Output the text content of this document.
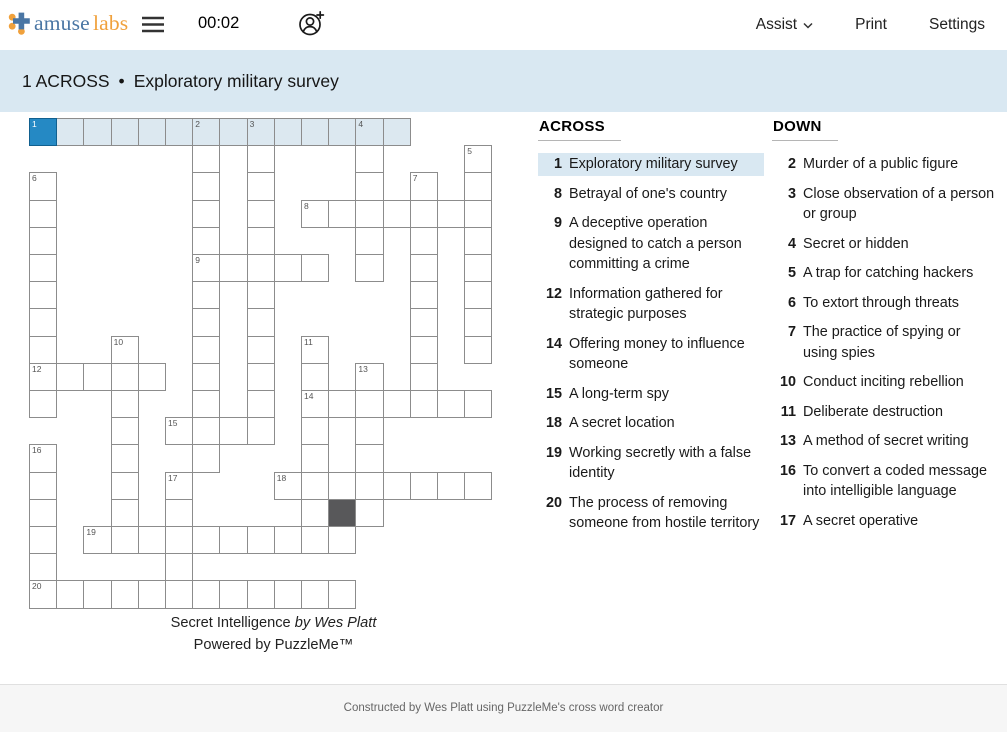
amuse labs	00:02	Assist	Print	Settings
1 ACROSS • Exploratory military survey
1	2	3	4
5
6	7
8
9
10	11
12	13
14
15
16
17	18
19
20
ACROSS
1 Exploratory military survey
8 Betrayal of one's country
9 A deceptive operation designed to catch a person committing a crime
12 Information gathered for strategic purposes
14 Offering money to influence someone
15 A long-term spy
18 A secret location
19 Working secretly with a false identity
20 The process of removing someone from hostile territory
DOWN
2 Murder of a public figure
3 Close observation of a person or group
4 Secret or hidden
5 A trap for catching hackers
6 To extort through threats
7 The practice of spying or using spies
10 Conduct inciting rebellion
11 Deliberate destruction
13 A method of secret writing
16 To convert a coded message into intelligible language
17 A secret operative
Secret Intelligence by Wes Platt
Powered by PuzzleMe™
Constructed by Wes Platt using PuzzleMe's cross word creator
